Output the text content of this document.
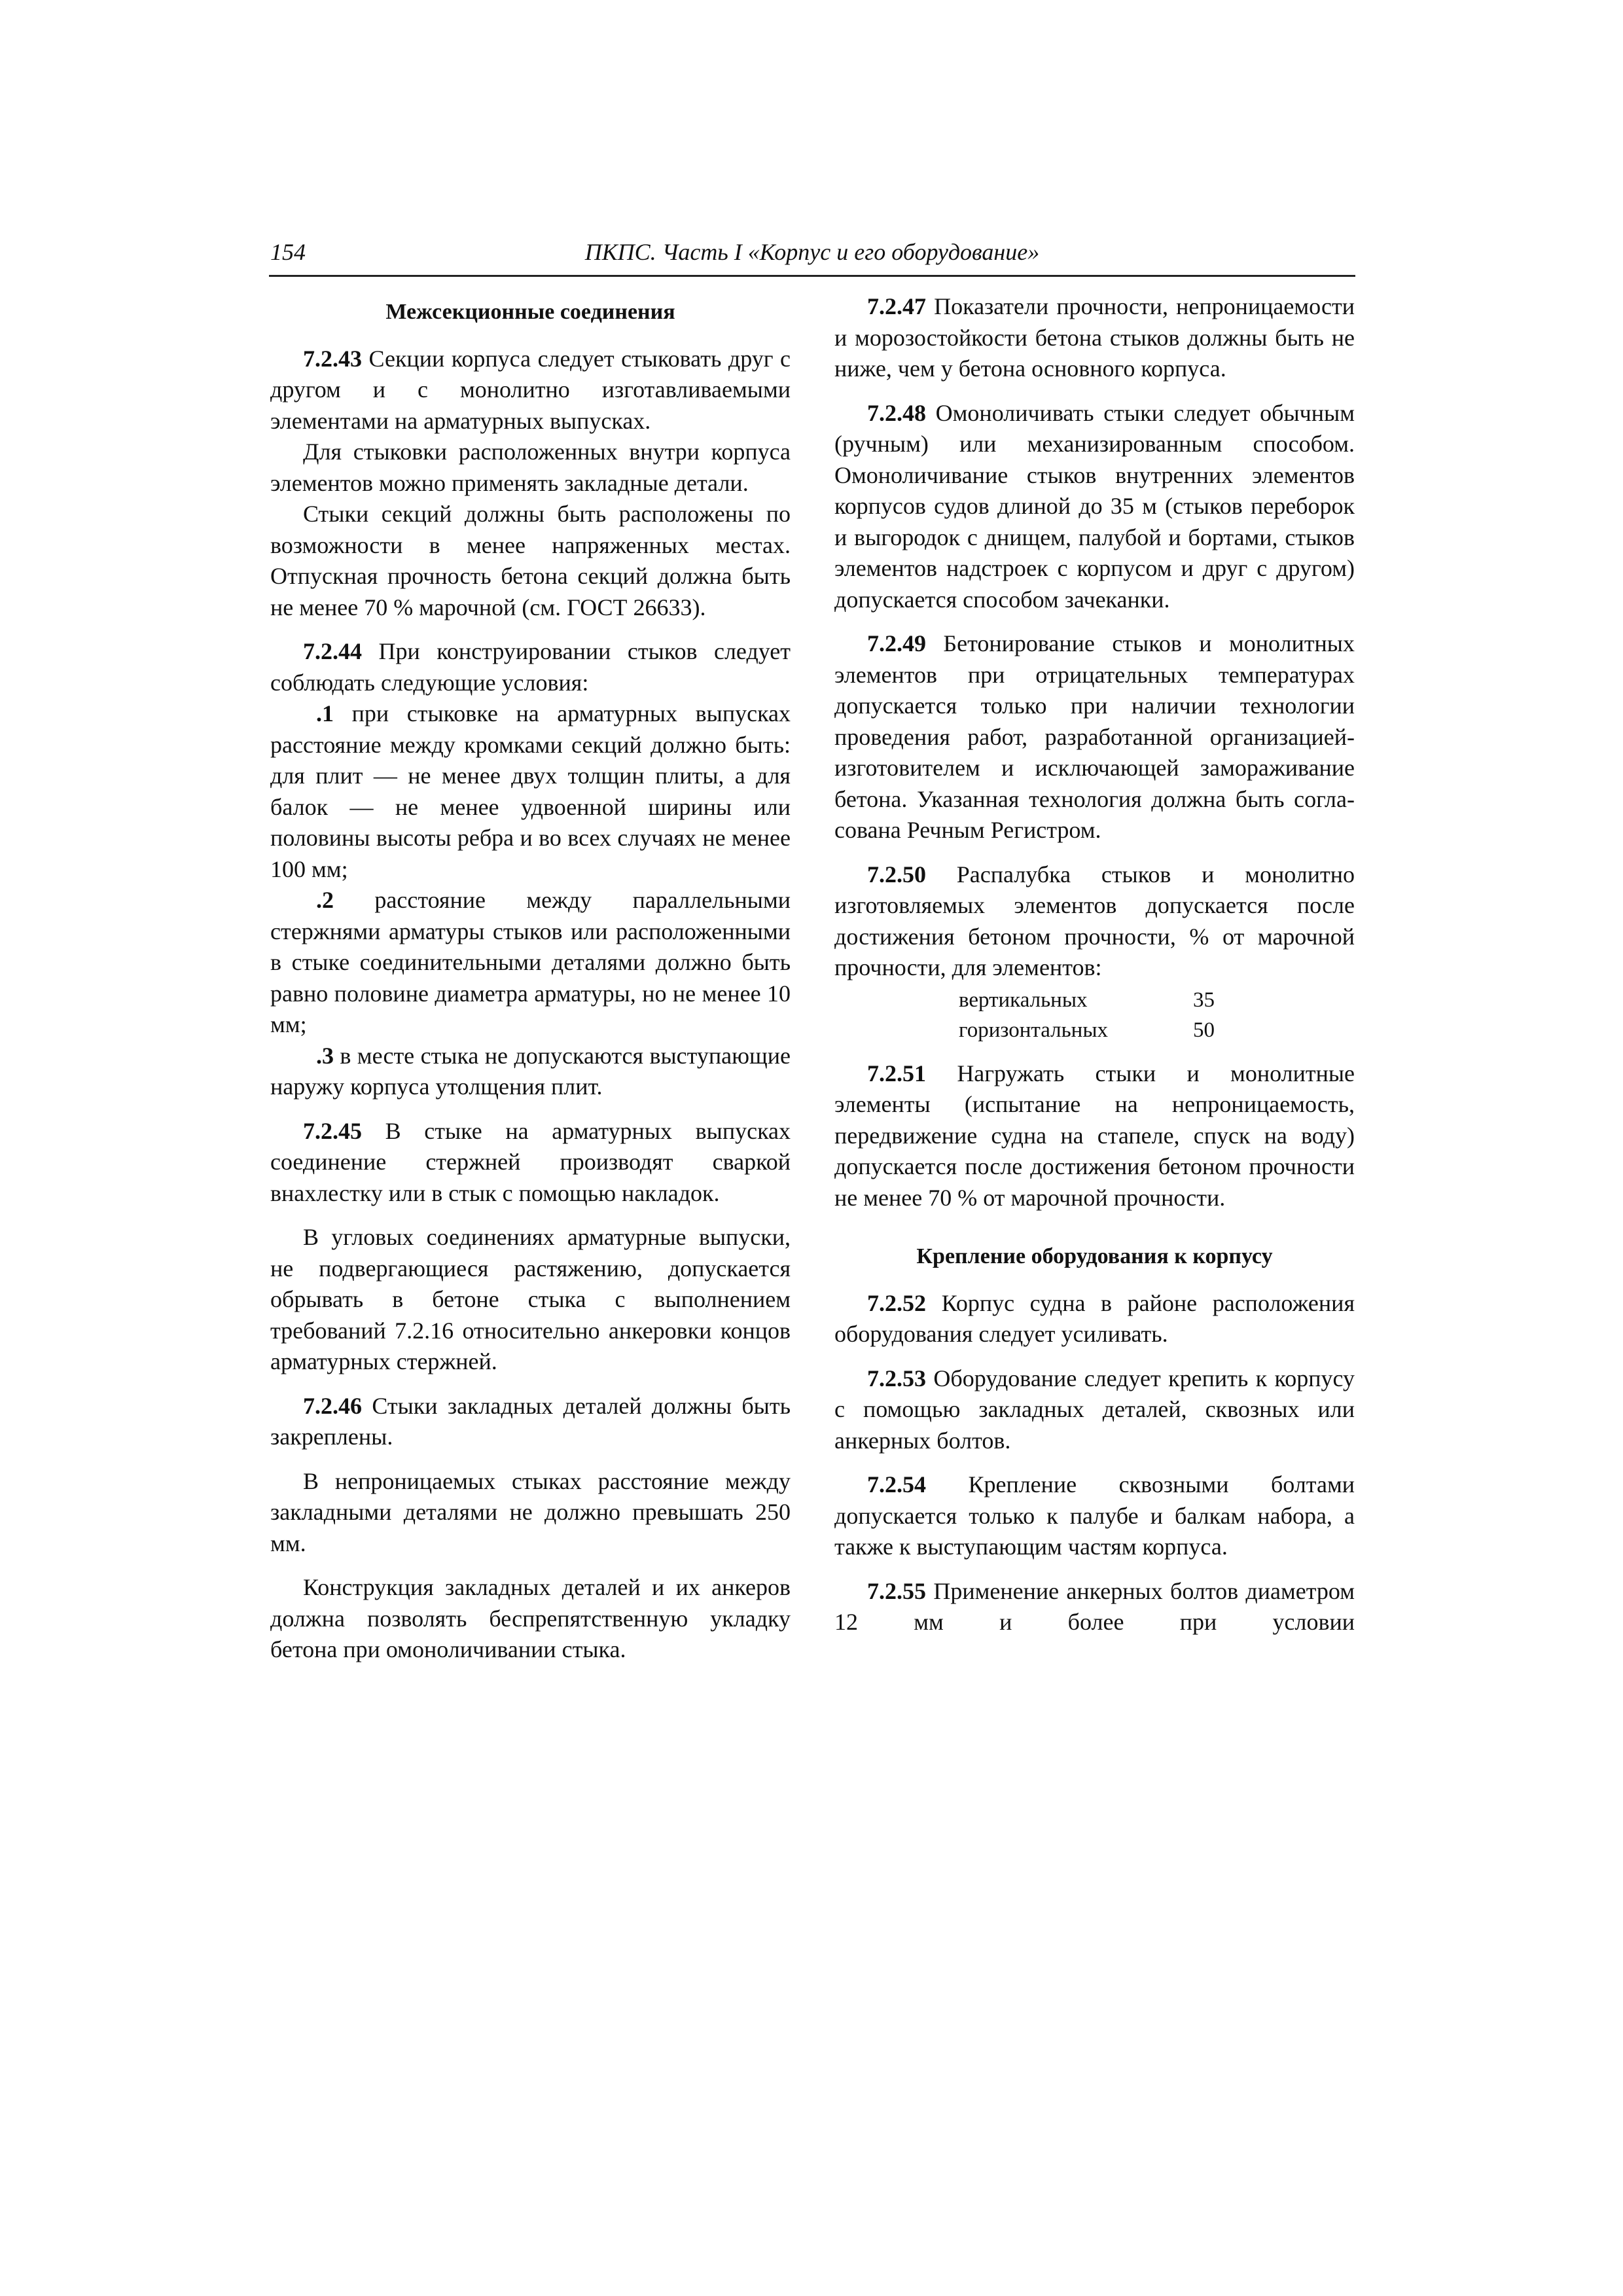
154	ПКПС. Часть I «Корпус и его оборудование»
Межсекционные соединения

7.2.43 Секции корпуса следует стыковать друг с другом и с монолитно изготавливаемыми элементами на арматурных выпусках.

Для стыковки расположенных внутри корпуса элементов можно применять закладные детали.

Стыки секций должны быть расположены по возможности в менее напряженных местах. Отпускная прочность бетона секций должна быть не менее 70 % марочной (см. ГОСТ 26633).

7.2.44 При конструировании стыков следует соблюдать следующие условия:

.1 при стыковке на арматурных выпусках расстояние между кромками секций должно быть: для плит — не менее двух толщин плиты, а для балок — не менее удвоенной ширины или половины высоты ребра и во всех случаях не менее 100 мм;

.2 расстояние между параллельными стержнями арматуры стыков или расположенными в стыке соединительными деталями должно быть равно половине диаметра арматуры, но не менее 10 мм;

.3 в месте стыка не допускаются выступающие наружу корпуса утолщения плит.

7.2.45 В стыке на арматурных выпусках соединение стержней производят сваркой внахлестку или в стык с помощью накладок.

В угловых соединениях арматурные выпуски, не подвергающиеся растяжению, допускается обрывать в бетоне стыка с выполнением требований 7.2.16 относительно анкеровки концов арматурных стержней.

7.2.46 Стыки закладных деталей должны быть закреплены.

В непроницаемых стыках расстояние между закладными деталями не должно превышать 250 мм.

Конструкция закладных деталей и их анкеров должна позволять беспрепятственную укладку бетона при омоноличивании стыка.

7.2.47 Показатели прочности, непроницаемости и морозостойкости бетона стыков должны быть не ниже, чем у бетона основного корпуса.

7.2.48 Омоноличивать стыки следует обычным (ручным) или механизированным способом. Омоноличивание стыков внутренних элементов корпусов судов длиной до 35 м (стыков переборок и выгородок с днищем, палубой и бортами, стыков элементов надстроек с корпусом и друг с другом) допускается способом зачеканки.

7.2.49 Бетонирование стыков и монолитных элементов при отрицательных температурах допускается только при наличии технологии проведения работ, разработанной организацией-изготовителем и исключающей замораживание бетона. Указанная технология должна быть согласована Речным Регистром.

7.2.50 Распалубка стыков и монолитно изготовляемых элементов допускается после достижения бетоном прочности, % от марочной прочности, для элементов:

вертикальных	35
горизонтальных	50

7.2.51 Нагружать стыки и монолитные элементы (испытание на непроницаемость, передвижение судна на стапеле, спуск на воду) допускается после достижения бетоном прочности не менее 70 % от марочной прочности.

Крепление оборудования к корпусу

7.2.52 Корпус судна в районе расположения оборудования следует усиливать.

7.2.53 Оборудование следует крепить к корпусу с помощью закладных деталей, сквозных или анкерных болтов.

7.2.54 Крепление сквозными болтами допускается только к палубе и балкам набора, а также к выступающим частям корпуса.

7.2.55 Применение анкерных болтов диаметром 12 мм и более при условии
